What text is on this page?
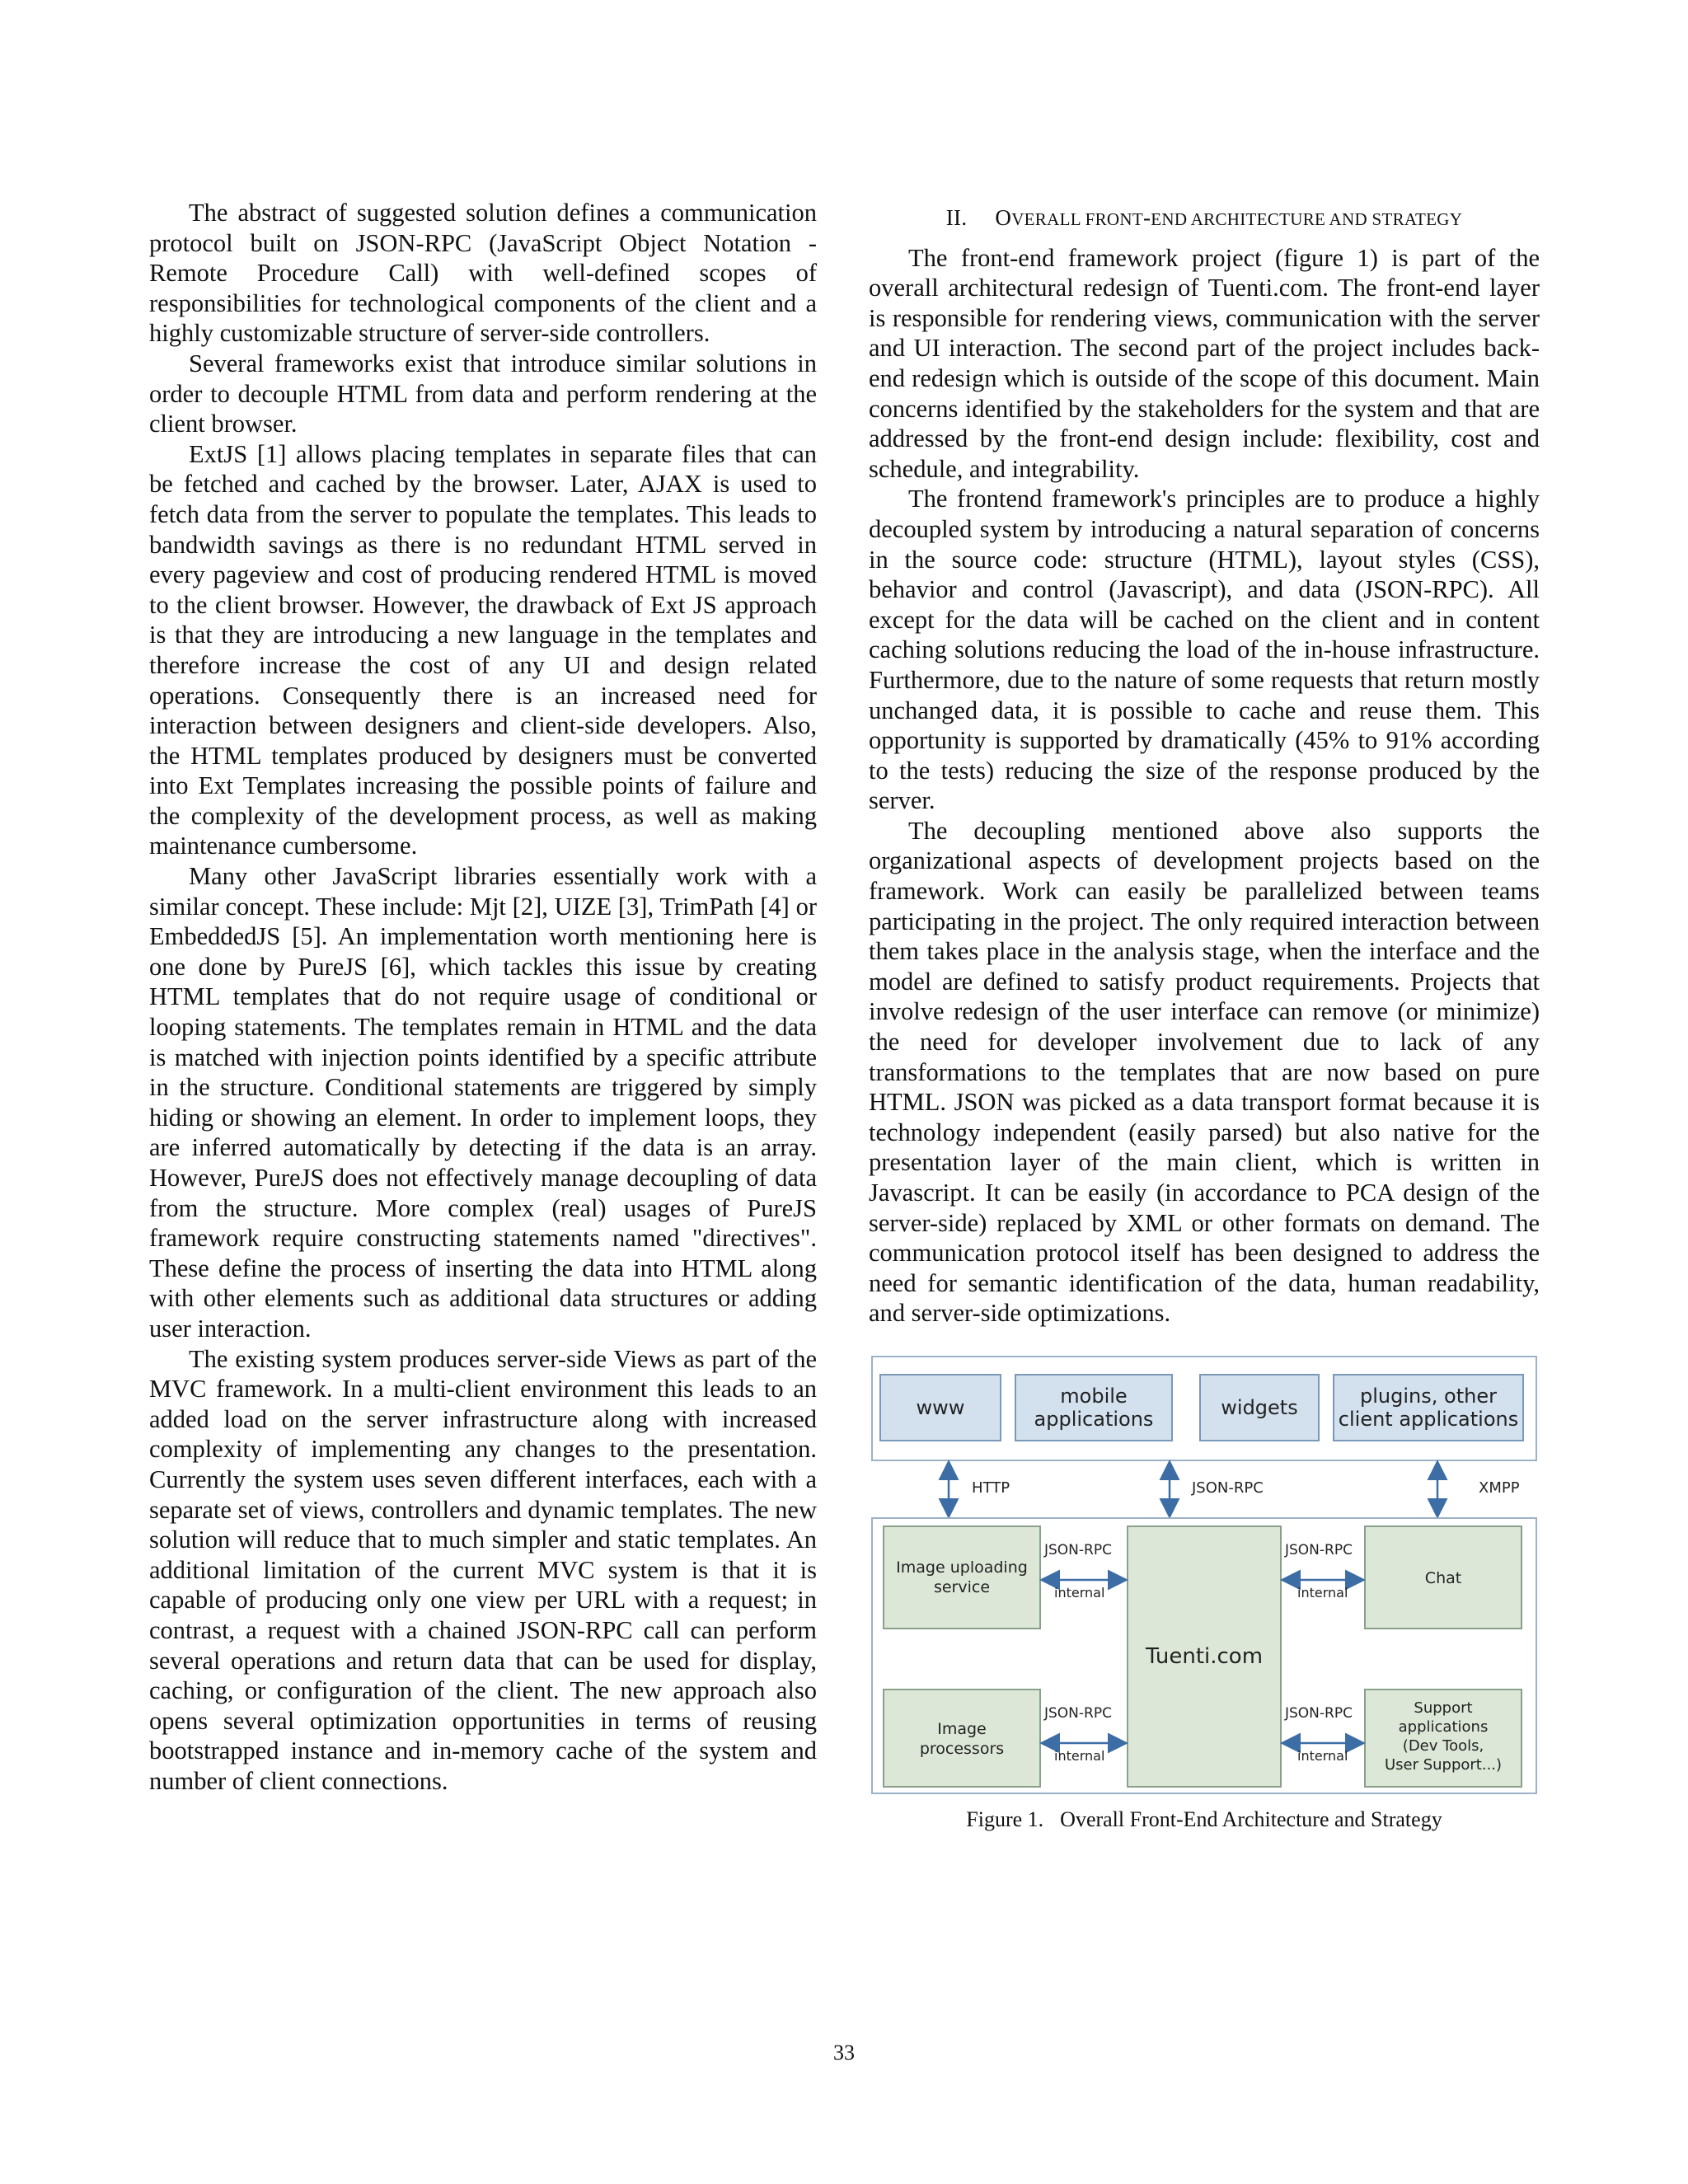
The abstract of suggested solution defines a communication protocol built on JSON-RPC (JavaScript Object Notation - Remote Procedure Call) with well-defined scopes of responsibilities for technological components of the client and a highly customizable structure of server-side controllers.

Several frameworks exist that introduce similar solutions in order to decouple HTML from data and perform rendering at the client browser.

ExtJS [1] allows placing templates in separate files that can be fetched and cached by the browser. Later, AJAX is used to fetch data from the server to populate the templates. This leads to bandwidth savings as there is no redundant HTML served in every pageview and cost of producing rendered HTML is moved to the client browser. However, the drawback of Ext JS approach is that they are introducing a new language in the templates and therefore increase the cost of any UI and design related operations. Consequently there is an increased need for interaction between designers and client-side developers. Also, the HTML templates produced by designers must be converted into Ext Templates increasing the possible points of failure and the complexity of the development process, as well as making maintenance cumbersome.

Many other JavaScript libraries essentially work with a similar concept. These include: Mjt [2], UIZE [3], TrimPath [4] or EmbeddedJS [5]. An implementation worth mentioning here is one done by PureJS [6], which tackles this issue by creating HTML templates that do not require usage of conditional or looping statements. The templates remain in HTML and the data is matched with injection points identified by a specific attribute in the structure. Conditional statements are triggered by simply hiding or showing an element. In order to implement loops, they are inferred automatically by detecting if the data is an array. However, PureJS does not effectively manage decoupling of data from the structure. More complex (real) usages of PureJS framework require constructing statements named "directives". These define the process of inserting the data into HTML along with other elements such as additional data structures or adding user interaction.

The existing system produces server-side Views as part of the MVC framework. In a multi-client environment this leads to an added load on the server infrastructure along with increased complexity of implementing any changes to the presentation. Currently the system uses seven different interfaces, each with a separate set of views, controllers and dynamic templates. The new solution will reduce that to much simpler and static templates. An additional limitation of the current MVC system is that it is capable of producing only one view per URL with a request; in contrast, a request with a chained JSON-RPC call can perform several operations and return data that can be used for display, caching, or configuration of the client. The new approach also opens several optimization opportunities in terms of reusing bootstrapped instance and in-memory cache of the system and number of client connections.

II. OVERALL FRONT-END ARCHITECTURE AND STRATEGY

The front-end framework project (figure 1) is part of the overall architectural redesign of Tuenti.com. The front-end layer is responsible for rendering views, communication with the server and UI interaction. The second part of the project includes back-end redesign which is outside of the scope of this document. Main concerns identified by the stakeholders for the system and that are addressed by the front-end design include: flexibility, cost and schedule, and integrability.

The frontend framework's principles are to produce a highly decoupled system by introducing a natural separation of concerns in the source code: structure (HTML), layout styles (CSS), behavior and control (Javascript), and data (JSON-RPC). All except for the data will be cached on the client and in content caching solutions reducing the load of the in-house infrastructure. Furthermore, due to the nature of some requests that return mostly unchanged data, it is possible to cache and reuse them. This opportunity is supported by dramatically (45% to 91% according to the tests) reducing the size of the response produced by the server.

The decoupling mentioned above also supports the organizational aspects of development projects based on the framework. Work can easily be parallelized between teams participating in the project. The only required interaction between them takes place in the analysis stage, when the interface and the model are defined to satisfy product requirements. Projects that involve redesign of the user interface can remove (or minimize) the need for developer involvement due to lack of any transformations to the templates that are now based on pure HTML. JSON was picked as a data transport format because it is technology independent (easily parsed) but also native for the presentation layer of the main client, which is written in Javascript. It can be easily (in accordance to PCA design of the server-side) replaced by XML or other formats on demand. The communication protocol itself has been designed to address the need for semantic identification of the data, human readability, and server-side optimizations.

www	mobile
applications	widgets	plugins, other
client applications
HTTP	JSON-RPC	XMPP
Image uploading
service
Image
processors
Tuenti.com
Chat
Support
applications
(Dev Tools,
User Support...)
JSON-RPC
internal
JSON-RPC
internal
JSON-RPC
internal
JSON-RPC
internal
Figure 1. Overall Front-End Architecture and Strategy
33
